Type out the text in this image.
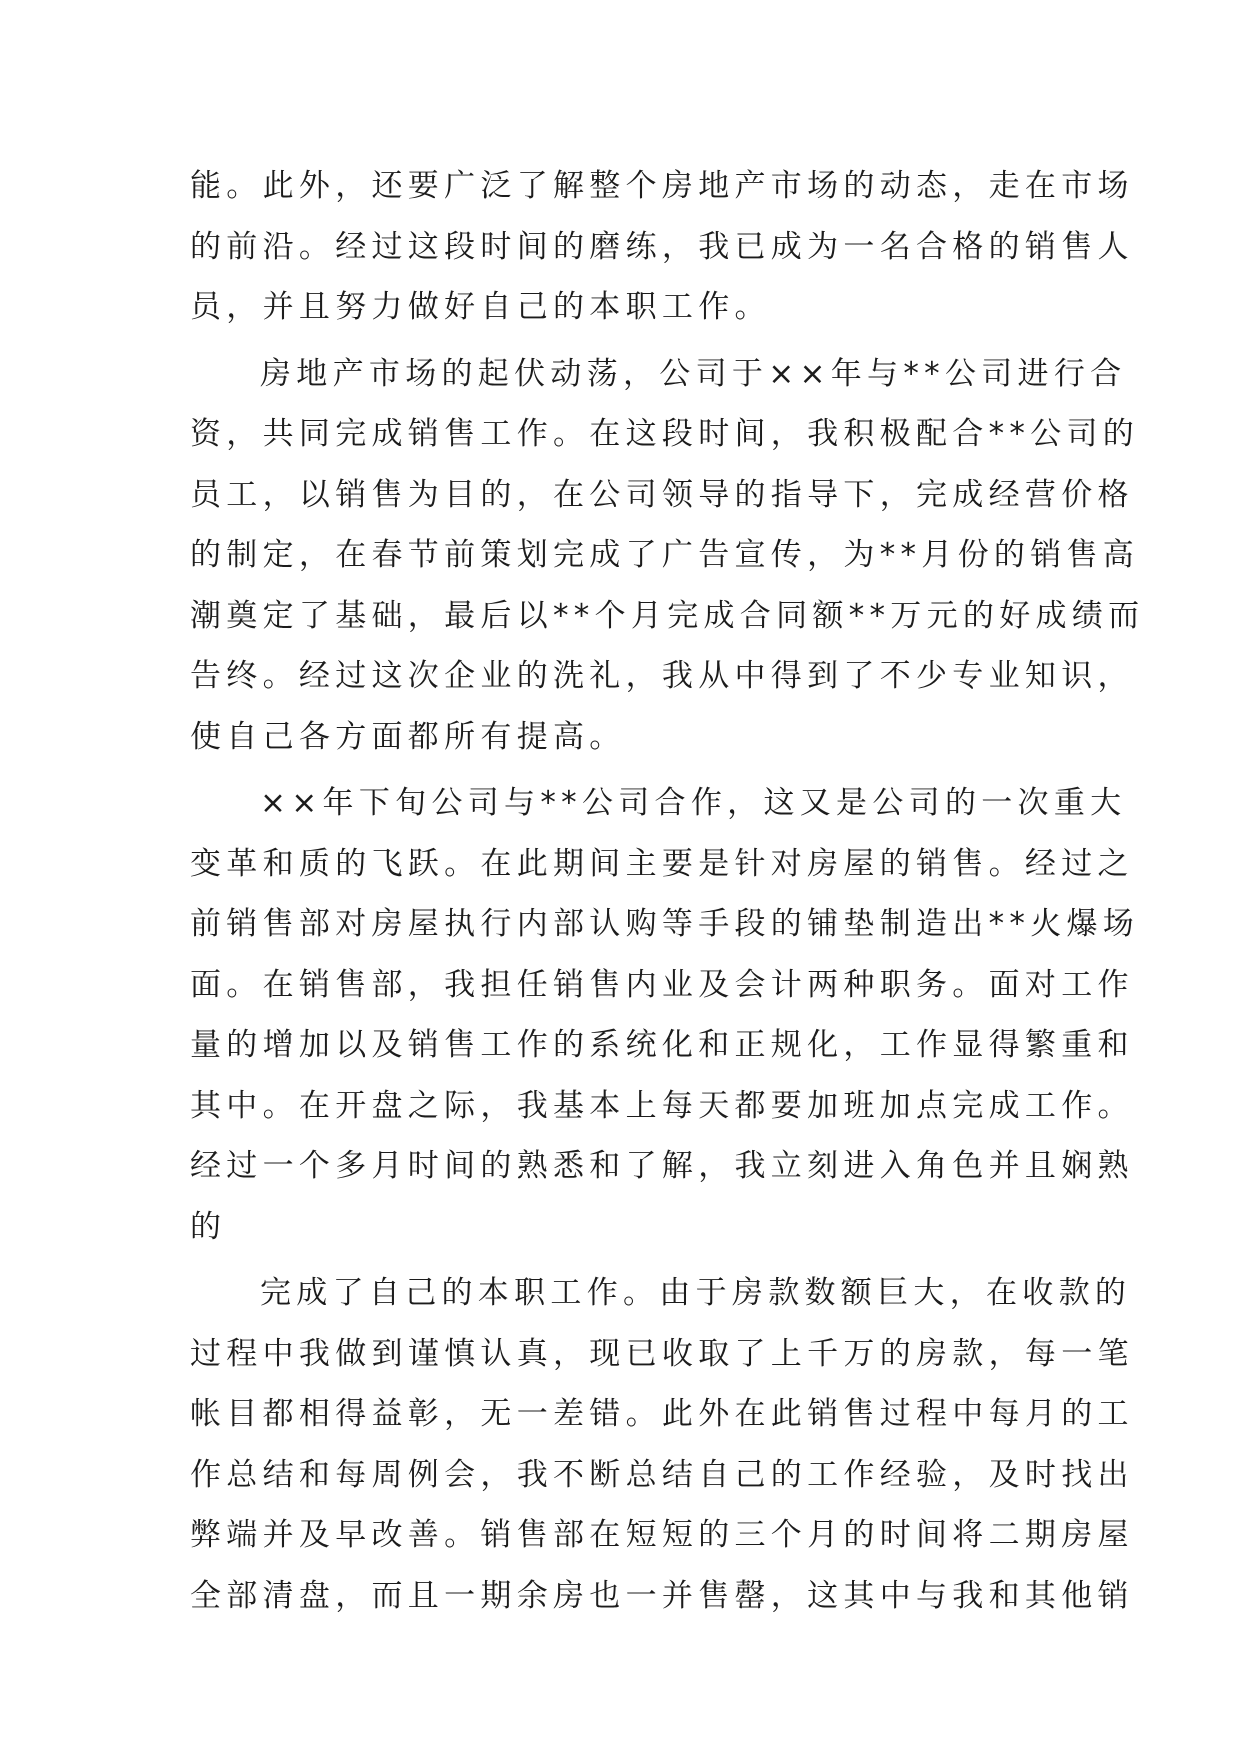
能。此外，还要广泛了解整个房地产市场的动态，走在市场
的前沿。经过这段时间的磨练，我已成为一名合格的销售人
员，并且努力做好自己的本职工作。
房地产市场的起伏动荡，公司于××年与**公司进行合
资，共同完成销售工作。在这段时间，我积极配合**公司的
员工，以销售为目的，在公司领导的指导下，完成经营价格
的制定，在春节前策划完成了广告宣传，为**月份的销售高
潮奠定了基础，最后以**个月完成合同额**万元的好成绩而
告终。经过这次企业的洗礼，我从中得到了不少专业知识，
使自己各方面都所有提高。
××年下旬公司与**公司合作，这又是公司的一次重大
变革和质的飞跃。在此期间主要是针对房屋的销售。经过之
前销售部对房屋执行内部认购等手段的铺垫制造出**火爆场
面。在销售部，我担任销售内业及会计两种职务。面对工作
量的增加以及销售工作的系统化和正规化，工作显得繁重和
其中。在开盘之际，我基本上每天都要加班加点完成工作。
经过一个多月时间的熟悉和了解，我立刻进入角色并且娴熟
的
完成了自己的本职工作。由于房款数额巨大，在收款的
过程中我做到谨慎认真，现已收取了上千万的房款，每一笔
帐目都相得益彰，无一差错。此外在此销售过程中每月的工
作总结和每周例会，我不断总结自己的工作经验，及时找出
弊端并及早改善。销售部在短短的三个月的时间将二期房屋
全部清盘，而且一期余房也一并售罄，这其中与我和其他销
